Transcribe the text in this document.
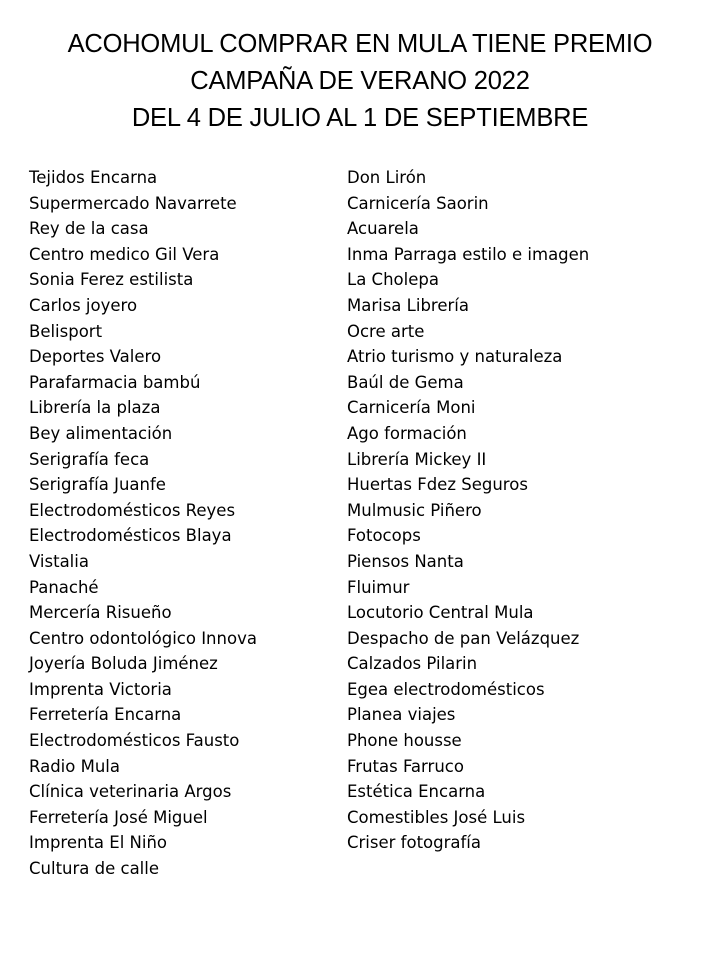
ACOHOMUL COMPRAR EN MULA TIENE PREMIO
CAMPAÑA DE VERANO 2022
DEL 4 DE JULIO AL 1 DE SEPTIEMBRE
Tejidos Encarna
Supermercado Navarrete
Rey de la casa
Centro medico Gil Vera
Sonia Ferez estilista
Carlos joyero
Belisport
Deportes Valero
Parafarmacia bambú
Librería la plaza
Bey alimentación
Serigrafía feca
Serigrafía Juanfe
Electrodomésticos Reyes
Electrodomésticos Blaya
Vistalia
Panaché
Mercería Risueño
Centro odontológico Innova
Joyería Boluda Jiménez
Imprenta Victoria
Ferretería Encarna
Electrodomésticos Fausto
Radio Mula
Clínica veterinaria Argos
Ferretería José Miguel
Imprenta El Niño
Cultura de calle
Don Lirón
Carnicería Saorin
Acuarela
Inma Parraga estilo e imagen
La Cholepa
Marisa Librería
Ocre arte
Atrio turismo y naturaleza
Baúl de Gema
Carnicería Moni
Ago formación
Librería Mickey II
Huertas Fdez Seguros
Mulmusic Piñero
Fotocops
Piensos Nanta
Fluimur
Locutorio Central Mula
Despacho de pan Velázquez
Calzados Pilarin
Egea electrodomésticos
Planea viajes
Phone housse
Frutas Farruco
Estética Encarna
Comestibles José Luis
Criser fotografía
